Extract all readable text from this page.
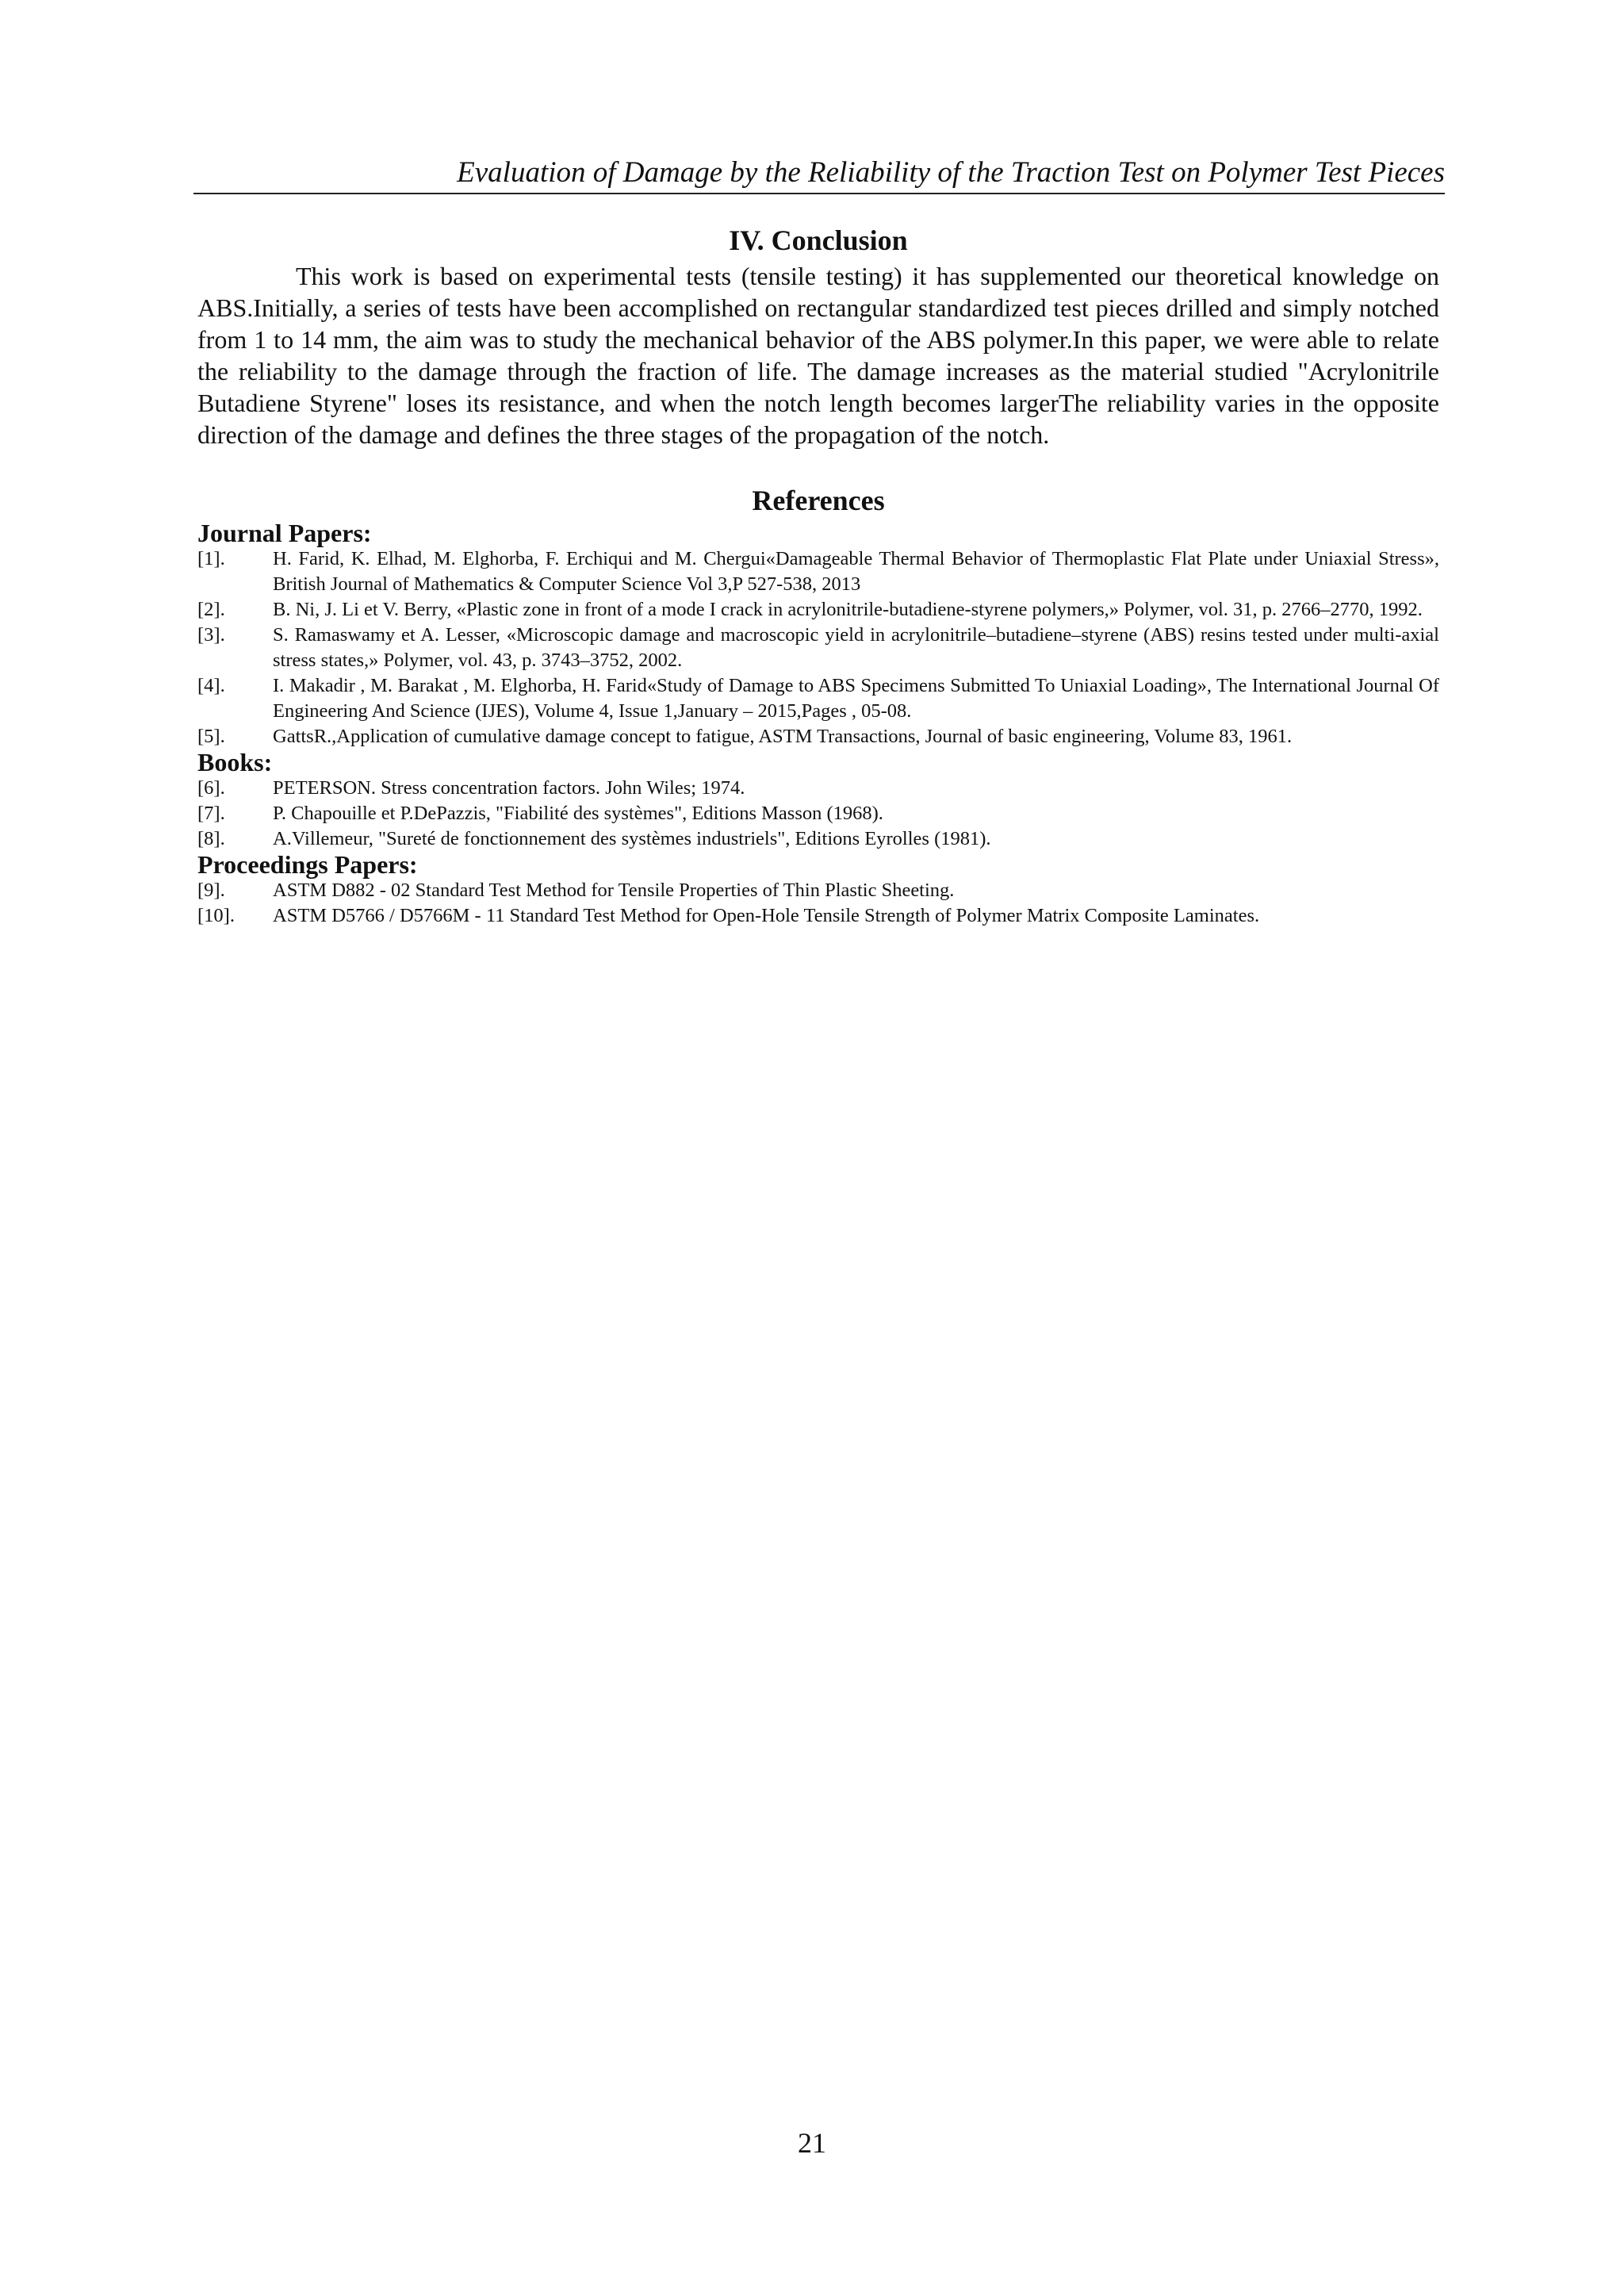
Evaluation of Damage by the Reliability of the Traction Test on Polymer Test Pieces
IV. Conclusion

This work is based on experimental tests (tensile testing) it has supplemented our theoretical knowledge on ABS.Initially, a series of tests have been accomplished on rectangular standardized test pieces drilled and simply notched from 1 to 14 mm, the aim was to study the mechanical behavior of the ABS polymer.In this paper, we were able to relate the reliability to the damage through the fraction of life. The damage increases as the material studied "Acrylonitrile Butadiene Styrene" loses its resistance, and when the notch length becomes largerThe reliability varies in the opposite direction of the damage and defines the three stages of the propagation of the notch.

References
Journal Papers:
[1].	H. Farid, K. Elhad, M. Elghorba, F. Erchiqui and M. Chergui«Damageable Thermal Behavior of Thermoplastic Flat Plate under Uniaxial Stress», British Journal of Mathematics & Computer Science Vol 3,P 527-538, 2013
[2].	B. Ni, J. Li et V. Berry, «Plastic zone in front of a mode I crack in acrylonitrile-butadiene-styrene polymers,» Polymer, vol. 31, p. 2766–2770, 1992.
[3].	S. Ramaswamy et A. Lesser, «Microscopic damage and macroscopic yield in acrylonitrile–butadiene–styrene (ABS) resins tested under multi-axial stress states,» Polymer, vol. 43, p. 3743–3752, 2002.
[4].	I. Makadir , M. Barakat , M. Elghorba, H. Farid«Study of Damage to ABS Specimens Submitted To Uniaxial Loading», The International Journal Of Engineering And Science (IJES), Volume 4, Issue 1,January – 2015,Pages , 05-08.
[5].	GattsR.,Application of cumulative damage concept to fatigue, ASTM Transactions, Journal of basic engineering, Volume 83, 1961.
Books:
[6].	PETERSON. Stress concentration factors. John Wiles; 1974.
[7].	P. Chapouille et P.DePazzis, "Fiabilité des systèmes", Editions Masson (1968).
[8].	A.Villemeur, "Sureté de fonctionnement des systèmes industriels", Editions Eyrolles (1981).
Proceedings Papers:
[9].	ASTM D882 - 02 Standard Test Method for Tensile Properties of Thin Plastic Sheeting.
[10].	ASTM D5766 / D5766M - 11 Standard Test Method for Open-Hole Tensile Strength of Polymer Matrix Composite Laminates.
21
